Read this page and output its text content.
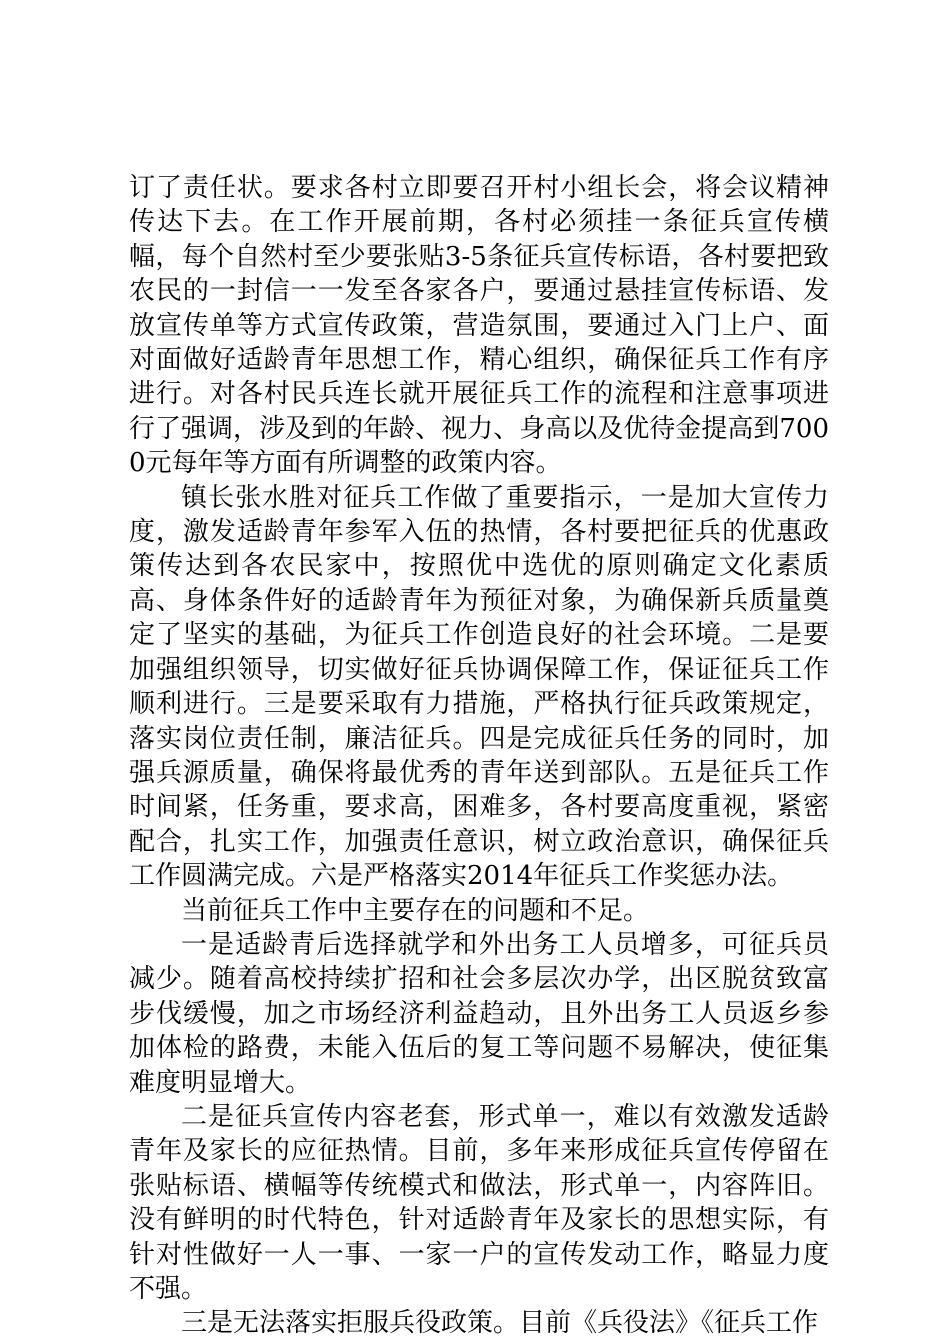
订了责任状。要求各村立即要召开村小组长会，将会议精神传达下去。在工作开展前期，各村必须挂一条征兵宣传横幅，每个自然村至少要张贴3-5条征兵宣传标语，各村要把致农民的一封信一一发至各家各户，要通过悬挂宣传标语、发放宣传单等方式宣传政策，营造氛围，要通过入门上户、面对面做好适龄青年思想工作，精心组织，确保征兵工作有序进行。对各村民兵连长就开展征兵工作的流程和注意事项进行了强调，涉及到的年龄、视力、身高以及优待金提高到7000元每年等方面有所调整的政策内容。

镇长张水胜对征兵工作做了重要指示，一是加大宣传力度，激发适龄青年参军入伍的热情，各村要把征兵的优惠政策传达到各农民家中，按照优中选优的原则确定文化素质高、身体条件好的适龄青年为预征对象，为确保新兵质量奠定了坚实的基础，为征兵工作创造良好的社会环境。二是要加强组织领导，切实做好征兵协调保障工作，保证征兵工作顺利进行。三是要采取有力措施，严格执行征兵政策规定，落实岗位责任制，廉洁征兵。四是完成征兵任务的同时，加强兵源质量，确保将最优秀的青年送到部队。五是征兵工作时间紧，任务重，要求高，困难多，各村要高度重视，紧密配合，扎实工作，加强责任意识，树立政治意识，确保征兵工作圆满完成。六是严格落实2014年征兵工作奖惩办法。

当前征兵工作中主要存在的问题和不足。

一是适龄青后选择就学和外出务工人员增多，可征兵员减少。随着高校持续扩招和社会多层次办学，出区脱贫致富步伐缓慢，加之市场经济利益趋动，且外出务工人员返乡参加体检的路费，未能入伍后的复工等问题不易解决，使征集难度明显增大。

二是征兵宣传内容老套，形式单一，难以有效激发适龄青年及家长的应征热情。目前，多年来形成征兵宣传停留在张贴标语、横幅等传统模式和做法，形式单一，内容阵旧。没有鲜明的时代特色，针对适龄青年及家长的思想实际，有针对性做好一人一事、一家一户的宣传发动工作，略显力度不强。

三是无法落实拒服兵役政策。目前《兵役法》《征兵工作
